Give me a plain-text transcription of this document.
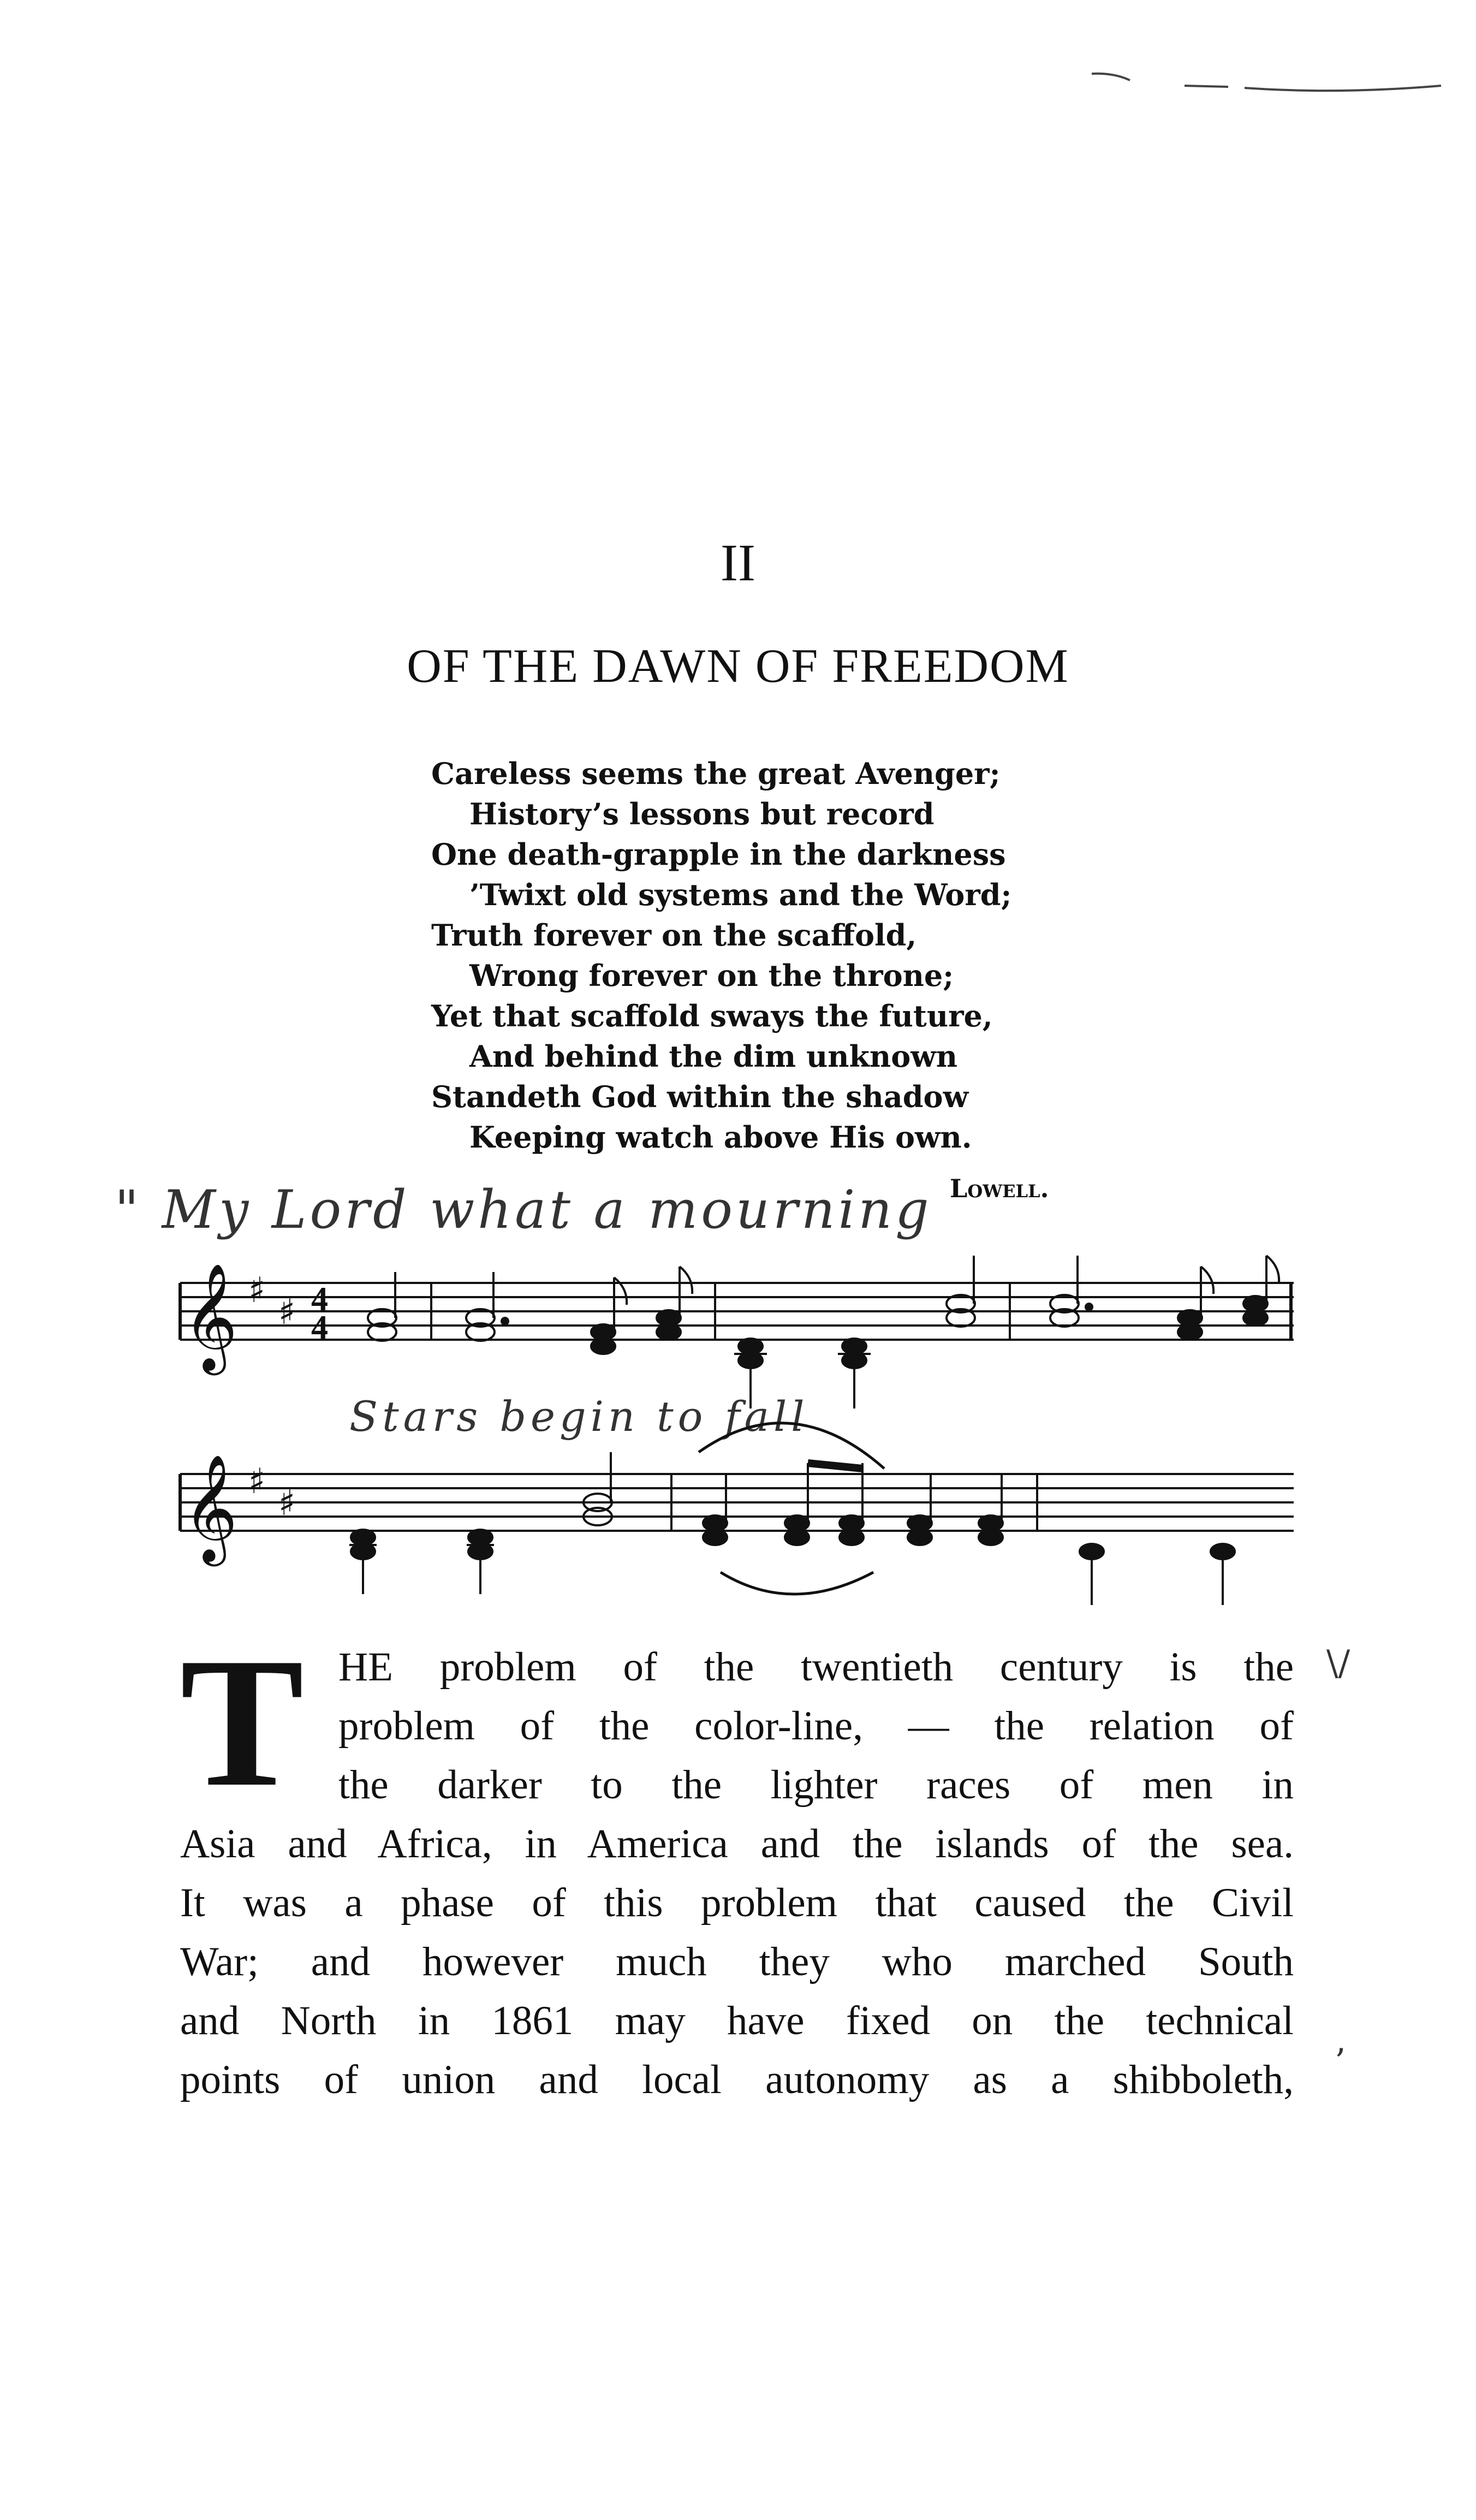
II
OF THE DAWN OF FREEDOM
Careless seems the great Avenger;
History’s lessons but record
One death-grapple in the darkness
’Twixt old systems and the Word;
Truth forever on the scaffold,
Wrong forever on the throne;
Yet that scaffold sways the future,
And behind the dim unknown
Standeth God within the shadow
Keeping watch above His own.
Lowell.
" My Lord what a mourning
Stars begin to fall
𝄞 ♯
♯ 4
4
𝄞 ♯
♯
\/
’
T HE problem of the twentieth century is the
problem of the color-line, — the relation of
the darker to the lighter races of men in
Asia and Africa, in America and the islands of the sea.
It was a phase of this problem that caused the Civil
War; and however much they who marched South
and North in 1861 may have fixed on the technical
points of union and local autonomy as a shibboleth,
